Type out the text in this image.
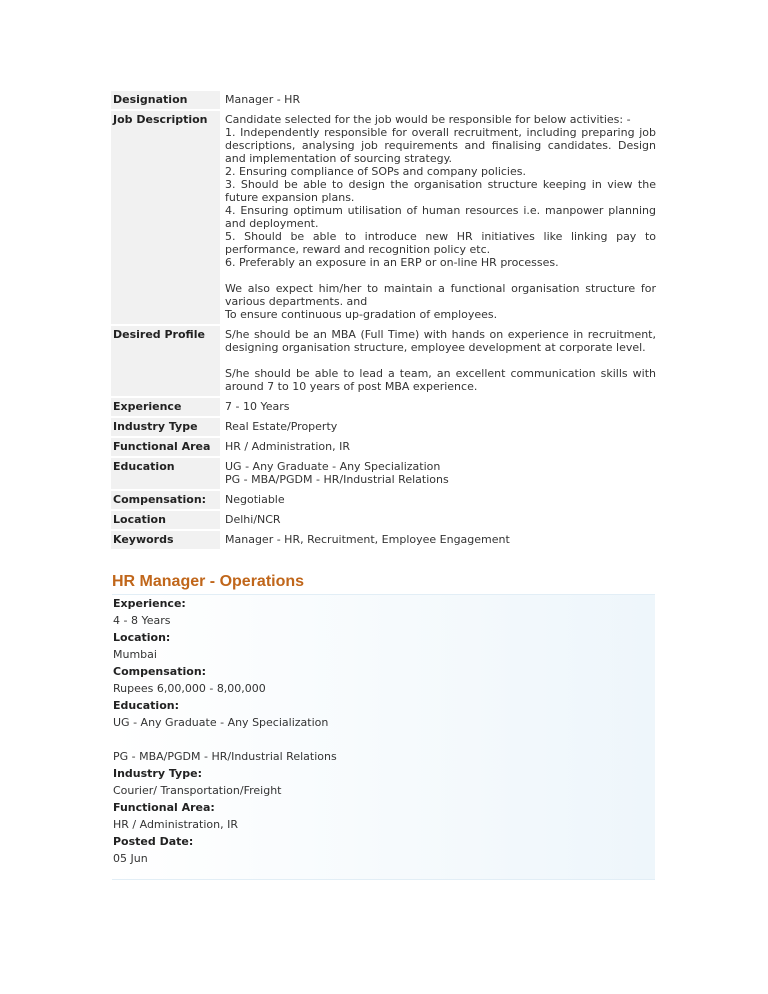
Designation	Manager - HR
Job Description	Candidate selected for the job would be responsible for below activities: -

1. Independently responsible for overall recruitment, including preparing job descriptions, analysing job requirements and finalising candidates. Design and implementation of sourcing strategy.

2. Ensuring compliance of SOPs and company policies.

3. Should be able to design the organisation structure keeping in view the future expansion plans.

4. Ensuring optimum utilisation of human resources i.e. manpower planning and deployment.

5. Should be able to introduce new HR initiatives like linking pay to performance, reward and recognition policy etc.

6. Preferably an exposure in an ERP or on-line HR processes.

We also expect him/her to maintain a functional organisation structure for various departments. and

To ensure continuous up-gradation of employees.

Desired Profile	S/he should be an MBA (Full Time) with hands on experience in recruitment, designing organisation structure, employee development at corporate level.

S/he should be able to lead a team, an excellent communication skills with around 7 to 10 years of post MBA experience.

Experience	7 - 10 Years
Industry Type	Real Estate/Property
Functional Area	HR / Administration, IR
Education	UG - Any Graduate - Any Specialization

PG - MBA/PGDM - HR/Industrial Relations

Compensation:	Negotiable
Location	Delhi/NCR
Keywords	Manager - HR, Recruitment, Employee Engagement
HR Manager - Operations
Experience:
4 - 8 Years
Location:
Mumbai
Compensation:
Rupees 6,00,000 - 8,00,000
Education:
UG - Any Graduate - Any Specialization
PG - MBA/PGDM - HR/Industrial Relations
Industry Type:
Courier/ Transportation/Freight
Functional Area:
HR / Administration, IR
Posted Date:
05 Jun
